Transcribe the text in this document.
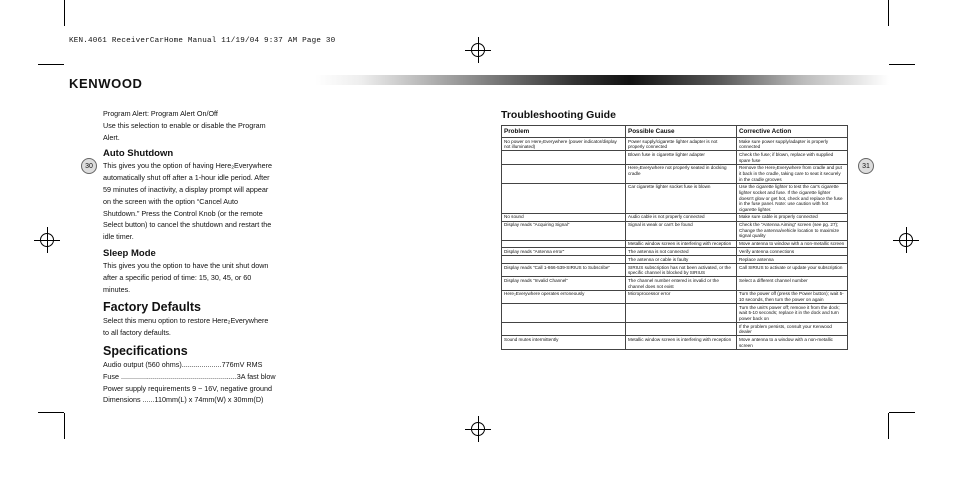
KEN.4061 ReceiverCarHome Manual 11/19/04 9:37 AM Page 30
KENWOOD
30	31

Program Alert: Program Alert On/Off

Use this selection to enable or disable the Program Alert.

Auto Shutdown

This gives you the option of having Here₂Everywhere automatically shut off after a 1-hour idle period. After 59 minutes of inactivity, a display prompt will appear on the screen with the option “Cancel Auto Shutdown.” Press the Control Knob (or the remote Select button) to cancel the shutdown and restart the idle timer.

Sleep Mode

This gives you the option to have the unit shut down after a specific period of time: 15, 30, 45, or 60 minutes.

Factory Defaults

Select this menu option to restore Here₂Everywhere to all factory defaults.

Specifications

Audio output (560 ohms)....................776mV RMS

Fuse ..........................................................3A fast blow

Power supply requirements 9 ~ 16V, negative ground

Dimensions ......110mm(L) x 74mm(W) x 30mm(D)

Troubleshooting Guide
Problem	Possible Cause	Corrective Action
No power on Here₂Everywhere (power indicator/display not illuminated)	Power supply/cigarette lighter adapter is not properly connected	Make sure power supply/adapter is properly connected
	Blown fuse in cigarette lighter adapter	Check the fuse; if blown, replace with supplied spare fuse
	Here₂Everywhere not properly seated in docking cradle	Remove the Here₂Everywhere from cradle and put it back in the cradle, taking care to seat it securely in the cradle grooves
	Car cigarette lighter socket fuse is blown	Use the cigarette lighter to test the car's cigarette lighter socket and fuse. If the cigarette lighter doesn't glow or get hot, check and replace the fuse in the fuse panel. Note: use caution with hot cigarette lighter.
No sound	Audio cable is not properly connected	Make sure cable is properly connected
Display reads “Acquiring Signal”	Signal is weak or can't be found	Check the “Antenna Aiming” screen (see pg. 27); Change the antenna/vehicle location to maximize signal quality
	Metallic window screen is interfering with reception	Move antenna to window with a non-metallic screen
Display reads “Antenna error”	The antenna is not connected	Verify antenna connections
	The antenna or cable is faulty	Replace antenna
Display reads “Call 1-866-539-SIRIUS to Subscribe”	SIRIUS subscription has not been activated, or the specific channel is blocked by SIRIUS	Call SIRIUS to activate or update your subscription
Display reads “Invalid Channel”	The channel number entered is invalid or the channel does not exist	Select a different channel number
Here₂Everywhere operates erroneously	Microprocessor error	Turn the power off (press the Power button); wait 5-10 seconds, then turn the power on again
		Turn the unit's power off; remove it from the dock; wait 5-10 seconds; replace it in the dock and turn power back on
		If the problem persists, consult your Kenwood dealer
Sound mutes intermittently	Metallic window screen is interfering with reception	Move antenna to a window with a non-metallic screen
